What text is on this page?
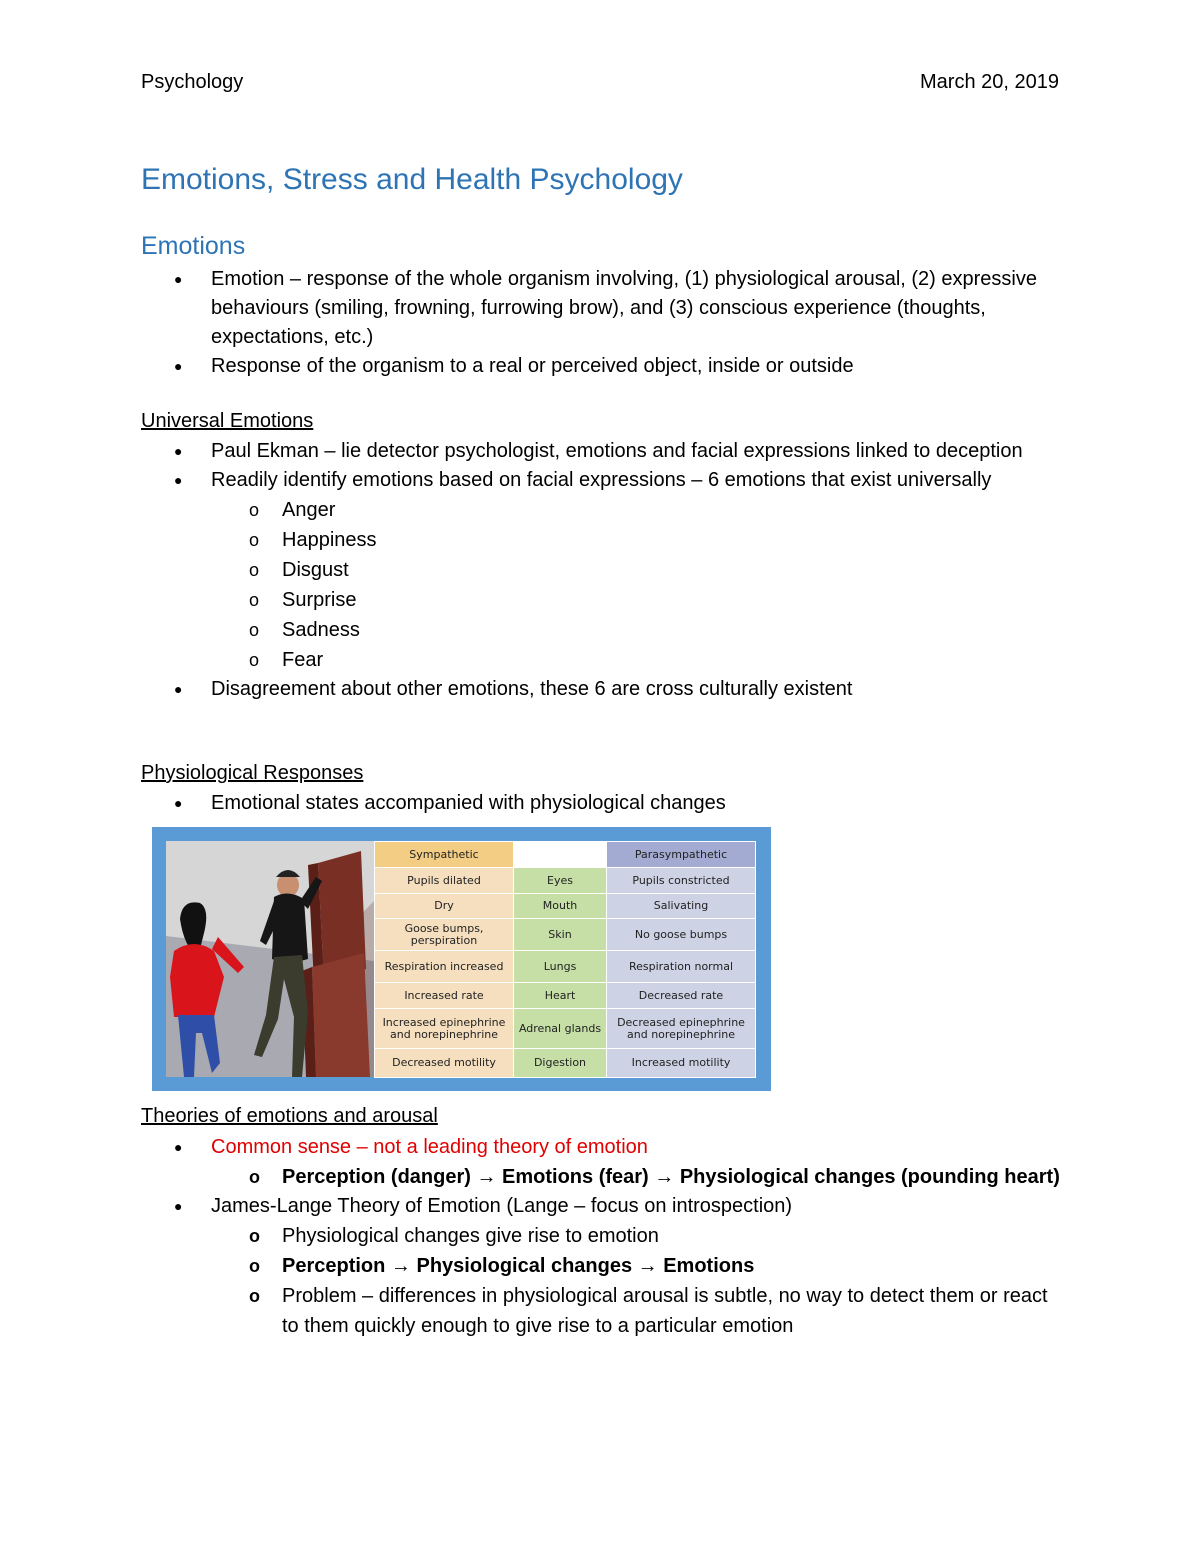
Psychology	March 20, 2019
Emotions, Stress and Health Psychology
Emotions
● Emotion – response of the whole organism involving, (1) physiological arousal, (2) expressive behaviours (smiling, frowning, furrowing brow), and (3) conscious experience (thoughts, expectations, etc.)
● Response of the organism to a real or perceived object, inside or outside
Universal Emotions
● Paul Ekman – lie detector psychologist, emotions and facial expressions linked to deception
● Readily identify emotions based on facial expressions – 6 emotions that exist universally
o Anger
o Happiness
o Disgust
o Surprise
o Sadness
o Fear
● Disagreement about other emotions, these 6 are cross culturally existent
Physiological Responses
● Emotional states accompanied with physiological changes
Sympathetic		Parasympathetic
Pupils dilated	Eyes	Pupils constricted
Dry	Mouth	Salivating
Goose bumps, perspiration	Skin	No goose bumps
Respiration increased	Lungs	Respiration normal
Increased rate	Heart	Decreased rate
Increased epinephrine and norepinephrine	Adrenal glands	Decreased epinephrine and norepinephrine
Decreased motility	Digestion	Increased motility
Theories of emotions and arousal
● Common sense – not a leading theory of emotion
o Perception (danger) → Emotions (fear) → Physiological changes (pounding heart)
● James-Lange Theory of Emotion (Lange – focus on introspection)
o Physiological changes give rise to emotion
o Perception → Physiological changes → Emotions
o Problem – differences in physiological arousal is subtle, no way to detect them or react to them quickly enough to give rise to a particular emotion
